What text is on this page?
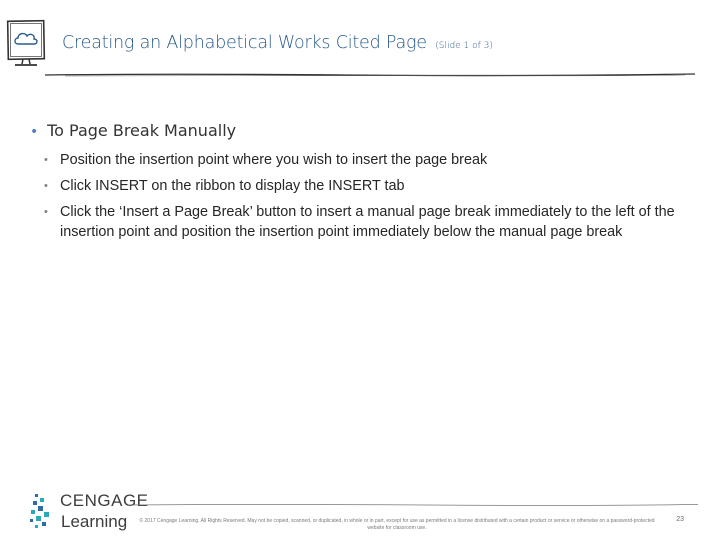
Creating an Alphabetical Works Cited Page (Slide 1 of 3)
• To Page Break Manually
• Position the insertion point where you wish to insert the page break
• Click INSERT on the ribbon to display the INSERT tab
• Click the ‘Insert a Page Break’ button to insert a manual page break immediately to the left of the insertion point and position the insertion point immediately below the manual page break
CENGAGE
Learning	© 2017 Cengage Learning. All Rights Reserved. May not be copied, scanned, or duplicated, in whole or in part, except for use as permitted in a license distributed with a certain product or service or otherwise on a password-protected website for classroom use.
23
